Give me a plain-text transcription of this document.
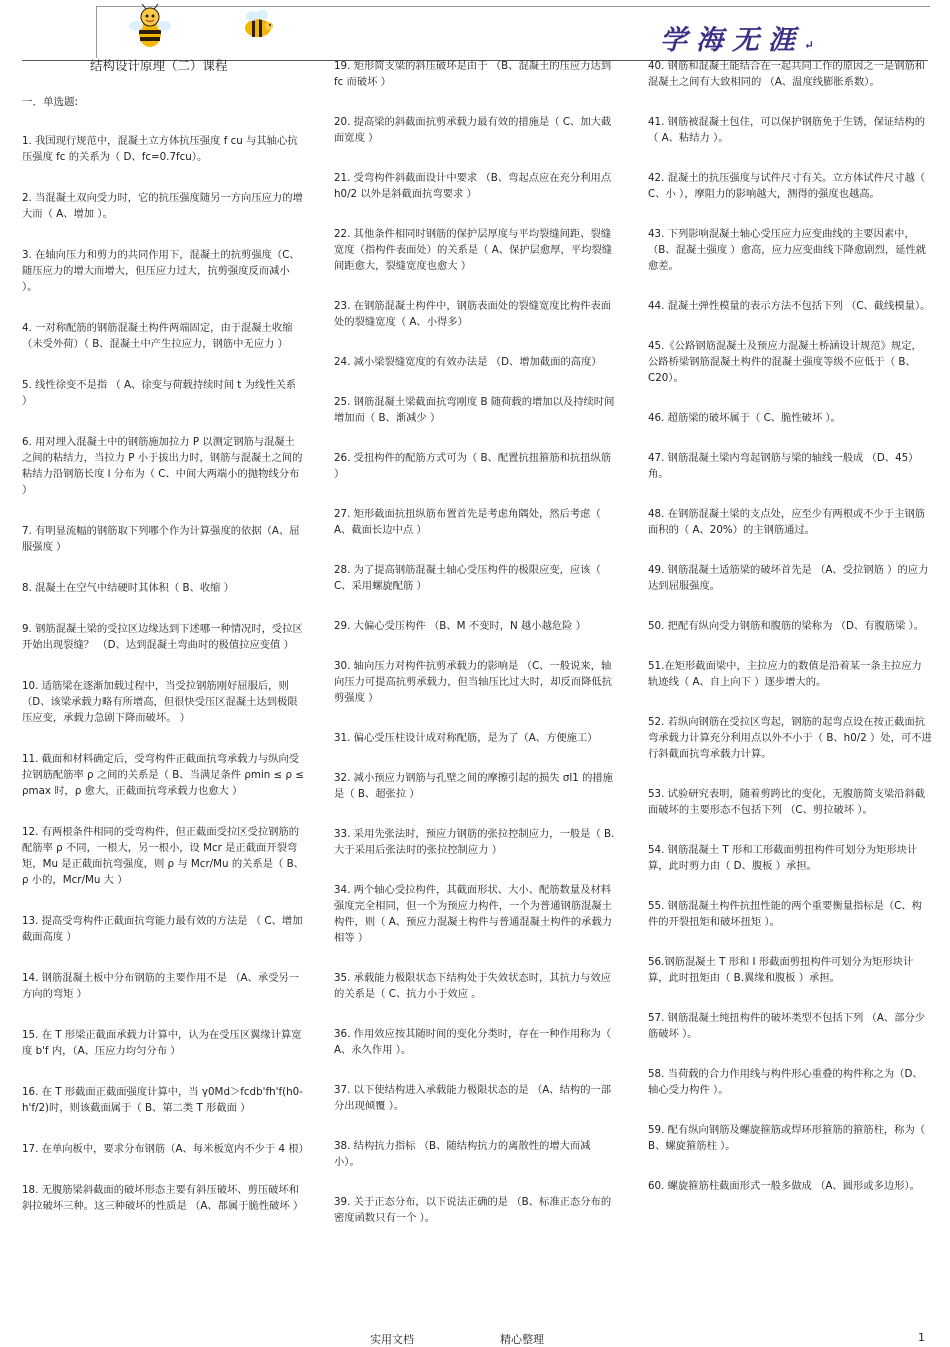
学海无涯↵
结构设计原理（二）课程
一．单选题:
1. 我国现行规范中，混凝土立方体抗压强度 f cu 与其轴心抗压强度 fc 的关系为（ D、fc=0.7fcu）。
2. 当混凝土双向受力时，它的抗压强度随另一方向压应力的增大而（ A、增加 ）。
3. 在轴向压力和剪力的共同作用下，混凝土的抗剪强度（C、随压应力的增大而增大，但压应力过大，抗剪强度反而减小 ）。
4. 一对称配筋的钢筋混凝土构件两端固定，由于混凝土收缩（未受外荷）（ B、混凝土中产生拉应力，钢筋中无应力 ）
5. 线性徐变不是指 （ A、徐变与荷载持续时间 t 为线性关系 ）
6. 用对埋入混凝土中的钢筋施加拉力 P 以测定钢筋与混凝土之间的粘结力，当拉力 P 小于拔出力时，钢筋与混凝土之间的粘结力沿钢筋长度 l 分布为（ C、中间大两端小的抛物线分布 ）
7. 有明显流幅的钢筋取下列哪个作为计算强度的依据（A、屈服强度 ）
8. 混凝土在空气中结硬时其体积（ B、收缩 ）
9. 钢筋混凝土梁的受拉区边缘达到下述哪一种情况时，受拉区开始出现裂缝？ （D、达到混凝土弯曲时的极值拉应变值 ）
10. 适筋梁在逐渐加载过程中，当受拉钢筋刚好屈服后，则（D、该梁承载力略有所增高，但很快受压区混凝土达到极限压应变，承载力急剧下降而破坏。 ）
11. 截面和材料确定后，受弯构件正截面抗弯承载力与纵向受拉钢筋配筋率 ρ 之间的关系是（ B、当满足条件 ρmin ≤ ρ ≤ ρmax 时，ρ 愈大，正截面抗弯承载力也愈大 ）
12. 有两根条件相同的受弯构件，但正截面受拉区受拉钢筋的配筋率 ρ 不同，一根大，另一根小，设 Mcr 是正截面开裂弯矩，Mu 是正截面抗弯强度，则 ρ 与 Mcr/Mu 的关系是（ B、ρ 小的，Mcr/Mu 大 ）
13. 提高受弯构件正截面抗弯能力最有效的方法是 （ C、增加截面高度 ）
14. 钢筋混凝土板中分布钢筋的主要作用不是 （A、承受另一方向的弯矩 ）
15. 在 T 形梁正截面承载力计算中，认为在受压区翼缘计算宽度 b'f 内，（A、压应力均匀分布 ）
16. 在 T 形截面正截面强度计算中，当 γ0Md＞fcdb'fh'f(h0-h'f/2)时，则该截面属于（ B、第二类 T 形截面 ）
17. 在单向板中，要求分布钢筋（A、每米板宽内不少于 4 根）
18. 无腹筋梁斜截面的破坏形态主要有斜压破坏、剪压破坏和斜拉破坏三种。这三种破坏的性质是 （A、都属于脆性破坏 ）
19. 矩形简支梁的斜压破坏是由于 （B、混凝土的压应力达到 fc 而破坏 ）
20. 提高梁的斜截面抗剪承载力最有效的措施是（ C、加大截面宽度 ）
21. 受弯构件斜截面设计中要求 （B、弯起点应在充分利用点 h0/2 以外是斜截面抗弯要求 ）
22. 其他条件相同时钢筋的保护层厚度与平均裂缝间距、裂缝宽度（指构件表面处）的关系是（ A、保护层愈厚，平均裂缝间距愈大，裂缝宽度也愈大 ）
23. 在钢筋混凝土构件中，钢筋表面处的裂缝宽度比构件表面处的裂缝宽度（ A、小得多）
24. 减小梁裂缝宽度的有效办法是 （D、增加截面的高度）
25. 钢筋混凝土梁截面抗弯刚度 B 随荷载的增加以及持续时间增加而（ B、渐减少 ）
26. 受扭构件的配筋方式可为（ B、配置抗扭箍筋和抗扭纵筋 ）
27. 矩形截面抗扭纵筋布置首先是考虑角隅处，然后考虑（ A、截面长边中点 ）
28. 为了提高钢筋混凝土轴心受压构件的极限应变，应该（ C、采用螺旋配筋 ）
29. 大偏心受压构件 （B、M 不变时，N 越小越危险 ）
30. 轴向压力对构件抗剪承载力的影响是 （C、一般说来，轴向压力可提高抗剪承载力，但当轴压比过大时，却反而降低抗剪强度 ）
31. 偏心受压柱设计成对称配筋，是为了（A、方便施工）
32. 减小预应力钢筋与孔壁之间的摩擦引起的损失 σl1 的措施是（ B、超张拉 ）
33. 采用先张法时，预应力钢筋的张拉控制应力，一般是（ B. 大于采用后张法时的张拉控制应力 ）
34. 两个轴心受拉构件，其截面形状、大小、配筋数量及材料强度完全相同，但一个为预应力构件，一个为普通钢筋混凝土构件，则（ A、预应力混凝土构件与普通混凝土构件的承载力相等 ）
35. 承载能力极限状态下结构处于失效状态时，其抗力与效应的关系是（ C、抗力小于效应 。
36. 作用效应按其随时间的变化分类时，存在一种作用称为（ A、永久作用 ）。
37. 以下使结构进入承载能力极限状态的是 （A、结构的一部分出现倾覆 ）。
38. 结构抗力指标 （B、随结构抗力的离散性的增大而减小）。
39. 关于正态分布，以下说法正确的是 （B、标准正态分布的密度函数只有一个 ）。
40. 钢筋和混凝土能结合在一起共同工作的原因之一是钢筋和混凝土之间有大致相同的 （A、温度线膨胀系数）。
41. 钢筋被混凝土包住，可以保护钢筋免于生锈，保证结构的（ A、粘结力 ）。
42. 混凝土的抗压强度与试件尺寸有关。立方体试件尺寸越（ C、小 ），摩阻力的影响越大，测得的强度也越高。
43. 下列影响混凝土轴心受压应力应变曲线的主要因素中，（B、混凝土强度 ）愈高，应力应变曲线下降愈剧烈，延性就愈差。
44. 混凝土弹性模量的表示方法不包括下列 （C、截线模量）。
45.《公路钢筋混凝土及预应力混凝土桥涵设计规范》规定，公路桥梁钢筋混凝土构件的混凝土强度等级不应低于（ B、C20）。
46. 超筋梁的破坏属于（ C、脆性破坏 ）。
47. 钢筋混凝土梁内弯起钢筋与梁的轴线一般成 （D、45）角。
48. 在钢筋混凝土梁的支点处，应至少有两根或不少于主钢筋面积的（ A、20%）的主钢筋通过。
49. 钢筋混凝土适筋梁的破坏首先是 （A、受拉钢筋 ）的应力达到屈服强度。
50. 把配有纵向受力钢筋和腹筋的梁称为 （D、有腹筋梁 ）。
51.在矩形截面梁中，主拉应力的数值是沿着某一条主拉应力轨迹线（ A、自上向下 ）逐步增大的。
52. 若纵向钢筋在受拉区弯起，钢筋的起弯点设在按正截面抗弯承载力计算充分利用点以外不小于（ B、h0/2 ）处，可不进行斜截面抗弯承载力计算。
53. 试验研究表明，随着剪跨比的变化，无腹筋简支梁沿斜截面破坏的主要形态不包括下列 （C、剪拉破坏 ）。
54. 钢筋混凝土 T 形和工形截面剪扭构件可划分为矩形块计算，此时剪力由（ D、腹板 ）承担。
55. 钢筋混凝土构件抗扭性能的两个重要衡量指标是（C、构件的开裂扭矩和破坏扭矩 ）。
56.钢筋混凝土 T 形和 I 形截面剪扭构件可划分为矩形块计算，此时扭矩由（ B.翼缘和腹板 ）承担。
57. 钢筋混凝土纯扭构件的破坏类型不包括下列 （A、部分少筋破坏 ）。
58. 当荷载的合力作用线与构件形心重叠的构件称之为（D、轴心受力构件 ）。
59. 配有纵向钢筋及螺旋箍筋或焊环形箍筋的箍筋柱，称为（ B、螺旋箍筋柱 ）。
60. 螺旋箍筋柱截面形式一般多做成 （A、圆形或多边形）。
实用文档	精心整理	1
